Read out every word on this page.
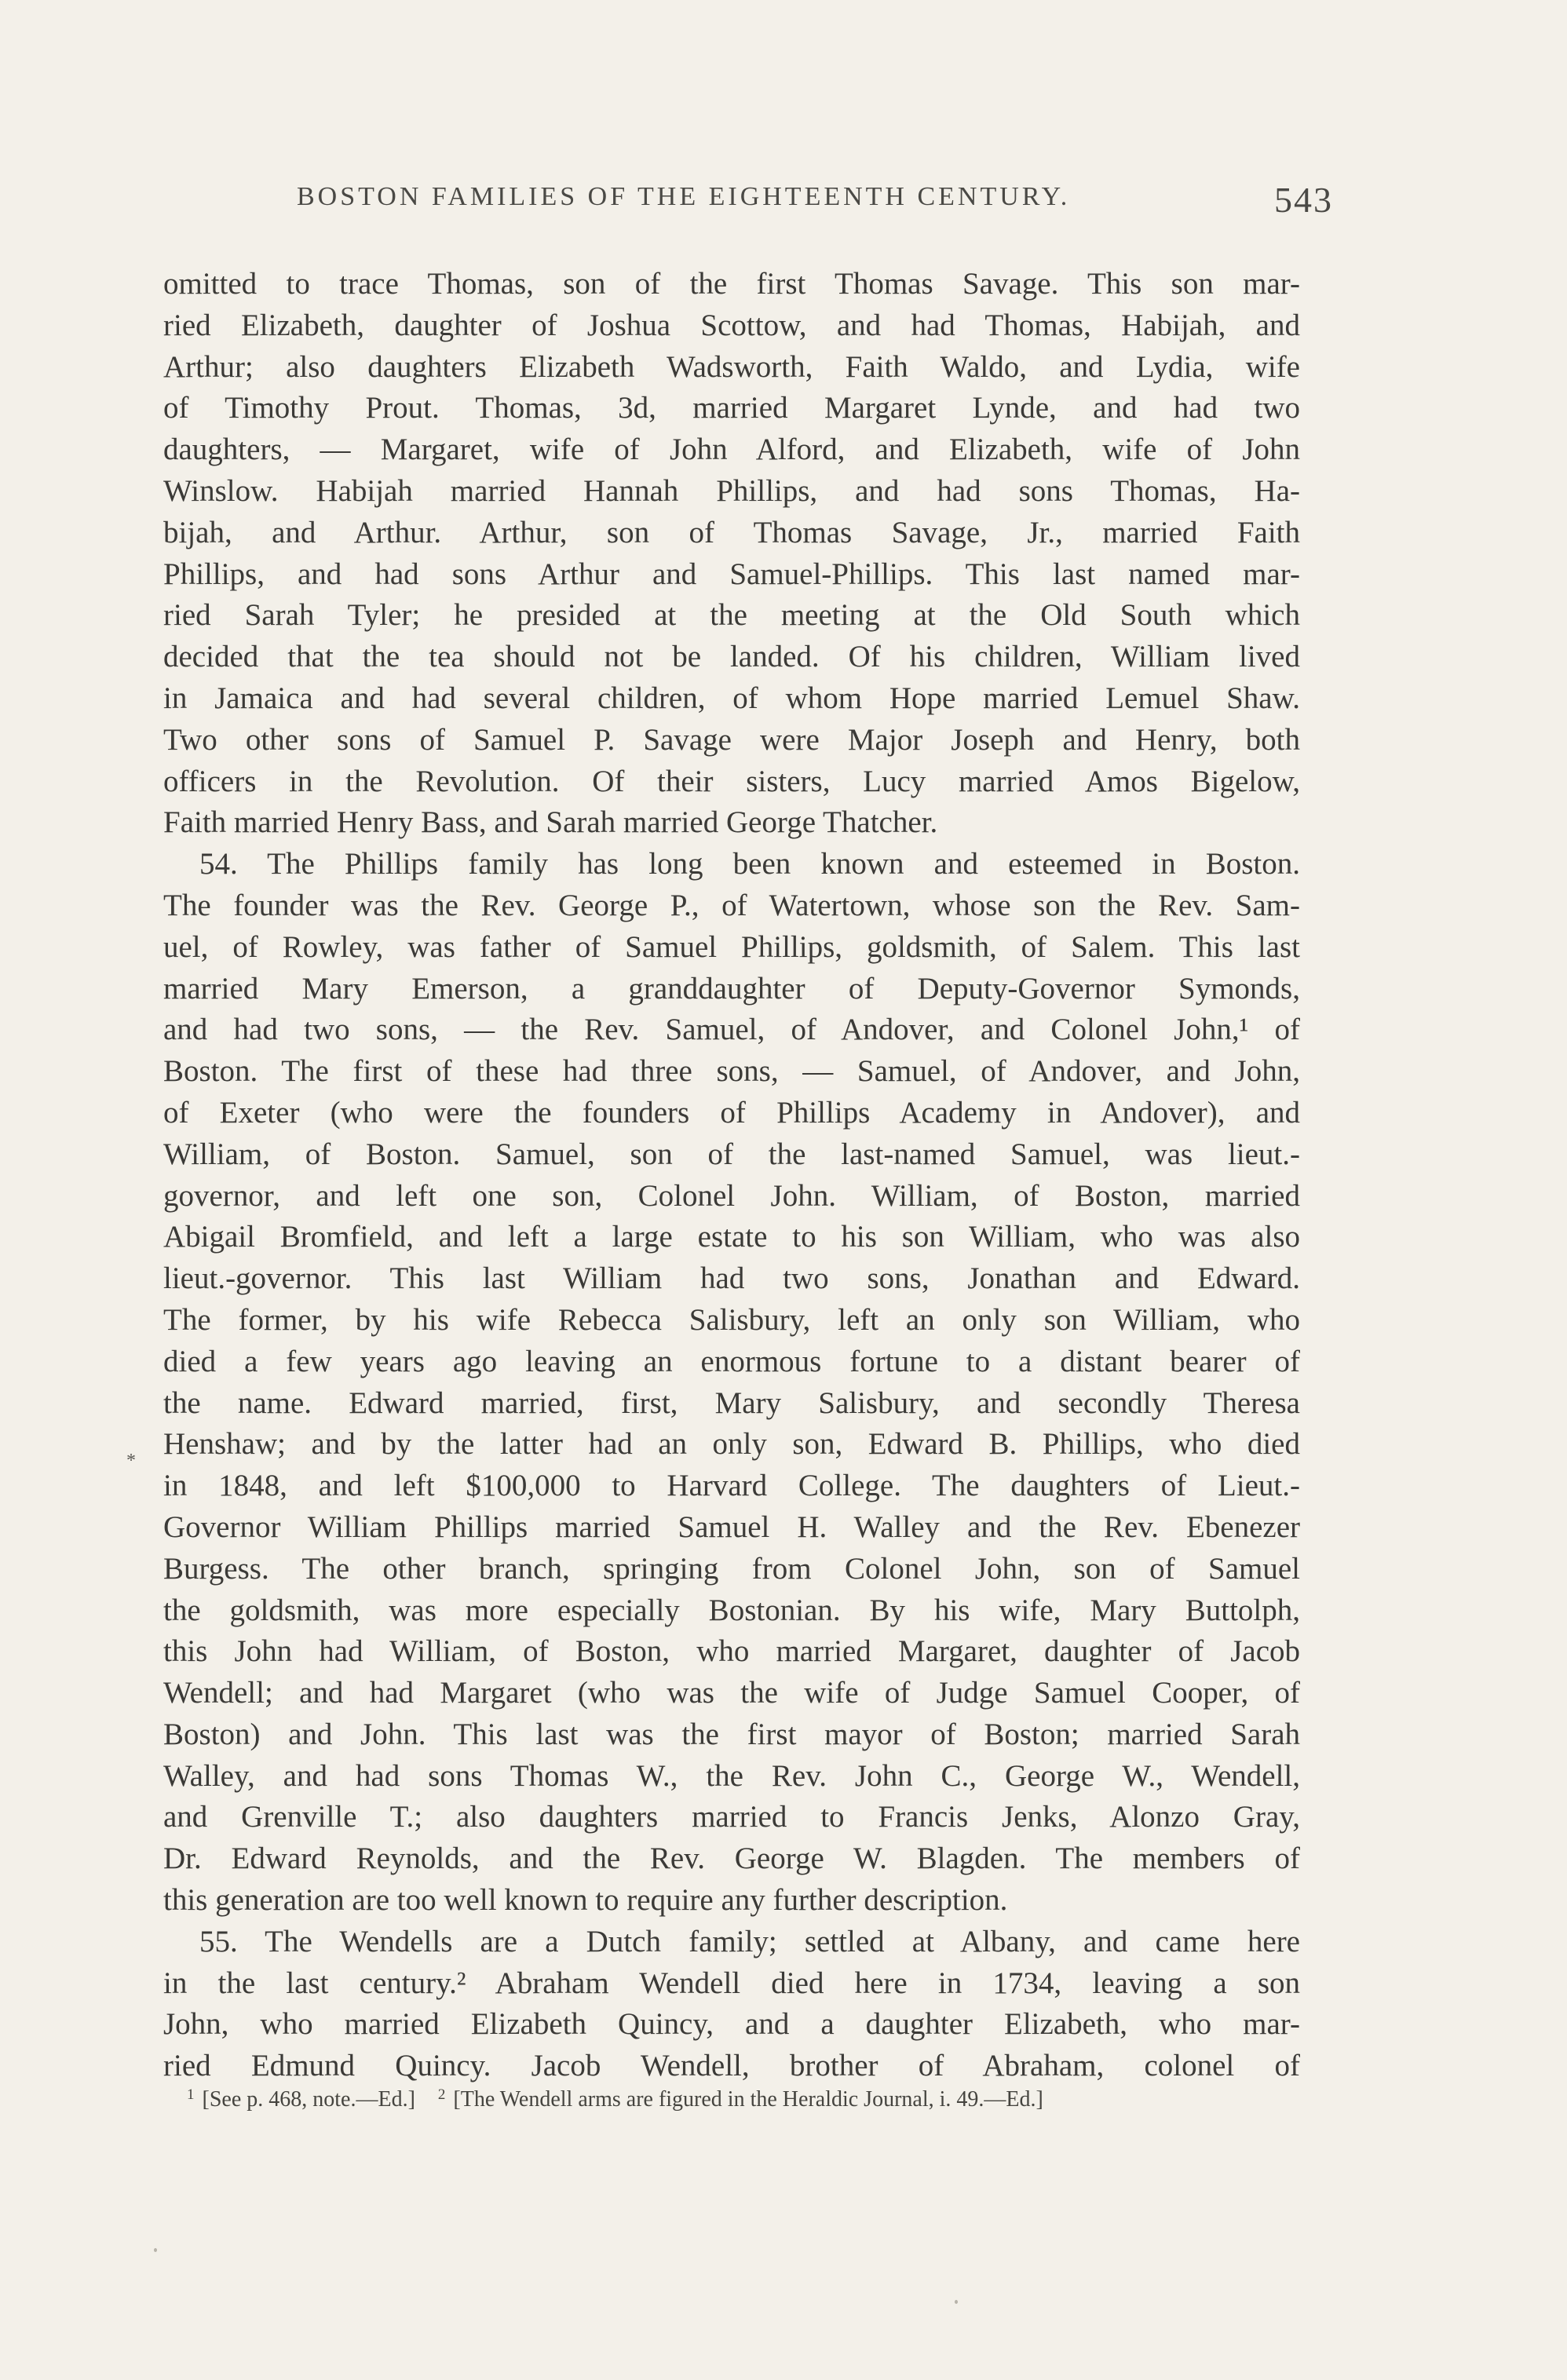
BOSTON FAMILIES OF THE EIGHTEENTH CENTURY.	543
omitted to trace Thomas, son of the first Thomas Savage. This son mar-
ried Elizabeth, daughter of Joshua Scottow, and had Thomas, Habijah, and
Arthur; also daughters Elizabeth Wadsworth, Faith Waldo, and Lydia, wife
of Timothy Prout. Thomas, 3d, married Margaret Lynde, and had two
daughters, — Margaret, wife of John Alford, and Elizabeth, wife of John
Winslow. Habijah married Hannah Phillips, and had sons Thomas, Ha-
bijah, and Arthur. Arthur, son of Thomas Savage, Jr., married Faith
Phillips, and had sons Arthur and Samuel-Phillips. This last named mar-
ried Sarah Tyler; he presided at the meeting at the Old South which
decided that the tea should not be landed. Of his children, William lived
in Jamaica and had several children, of whom Hope married Lemuel Shaw.
Two other sons of Samuel P. Savage were Major Joseph and Henry, both
officers in the Revolution. Of their sisters, Lucy married Amos Bigelow,
Faith married Henry Bass, and Sarah married George Thatcher.
54. The Phillips family has long been known and esteemed in Boston.
The founder was the Rev. George P., of Watertown, whose son the Rev. Sam-
uel, of Rowley, was father of Samuel Phillips, goldsmith, of Salem. This last
married Mary Emerson, a granddaughter of Deputy-Governor Symonds,
and had two sons, — the Rev. Samuel, of Andover, and Colonel John,¹ of
Boston. The first of these had three sons, — Samuel, of Andover, and John,
of Exeter (who were the founders of Phillips Academy in Andover), and
William, of Boston. Samuel, son of the last-named Samuel, was lieut.-
governor, and left one son, Colonel John. William, of Boston, married
Abigail Bromfield, and left a large estate to his son William, who was also
lieut.-governor. This last William had two sons, Jonathan and Edward.
The former, by his wife Rebecca Salisbury, left an only son William, who
died a few years ago leaving an enormous fortune to a distant bearer of
the name. Edward married, first, Mary Salisbury, and secondly Theresa
Henshaw; and by the latter had an only son, Edward B. Phillips, who died
in 1848, and left $100,000 to Harvard College. The daughters of Lieut.-
Governor William Phillips married Samuel H. Walley and the Rev. Ebenezer
Burgess. The other branch, springing from Colonel John, son of Samuel
the goldsmith, was more especially Bostonian. By his wife, Mary Buttolph,
this John had William, of Boston, who married Margaret, daughter of Jacob
Wendell; and had Margaret (who was the wife of Judge Samuel Cooper, of
Boston) and John. This last was the first mayor of Boston; married Sarah
Walley, and had sons Thomas W., the Rev. John C., George W., Wendell,
and Grenville T.; also daughters married to Francis Jenks, Alonzo Gray,
Dr. Edward Reynolds, and the Rev. George W. Blagden. The members of
this generation are too well known to require any further description.
55. The Wendells are a Dutch family; settled at Albany, and came here
in the last century.² Abraham Wendell died here in 1734, leaving a son
John, who married Elizabeth Quincy, and a daughter Elizabeth, who mar-
ried Edmund Quincy. Jacob Wendell, brother of Abraham, colonel of
$^1$ [See p. 468, note.—Ed.] $^2$ [The Wendell arms are figured in the Heraldic Journal, i. 49.—Ed.]
*
